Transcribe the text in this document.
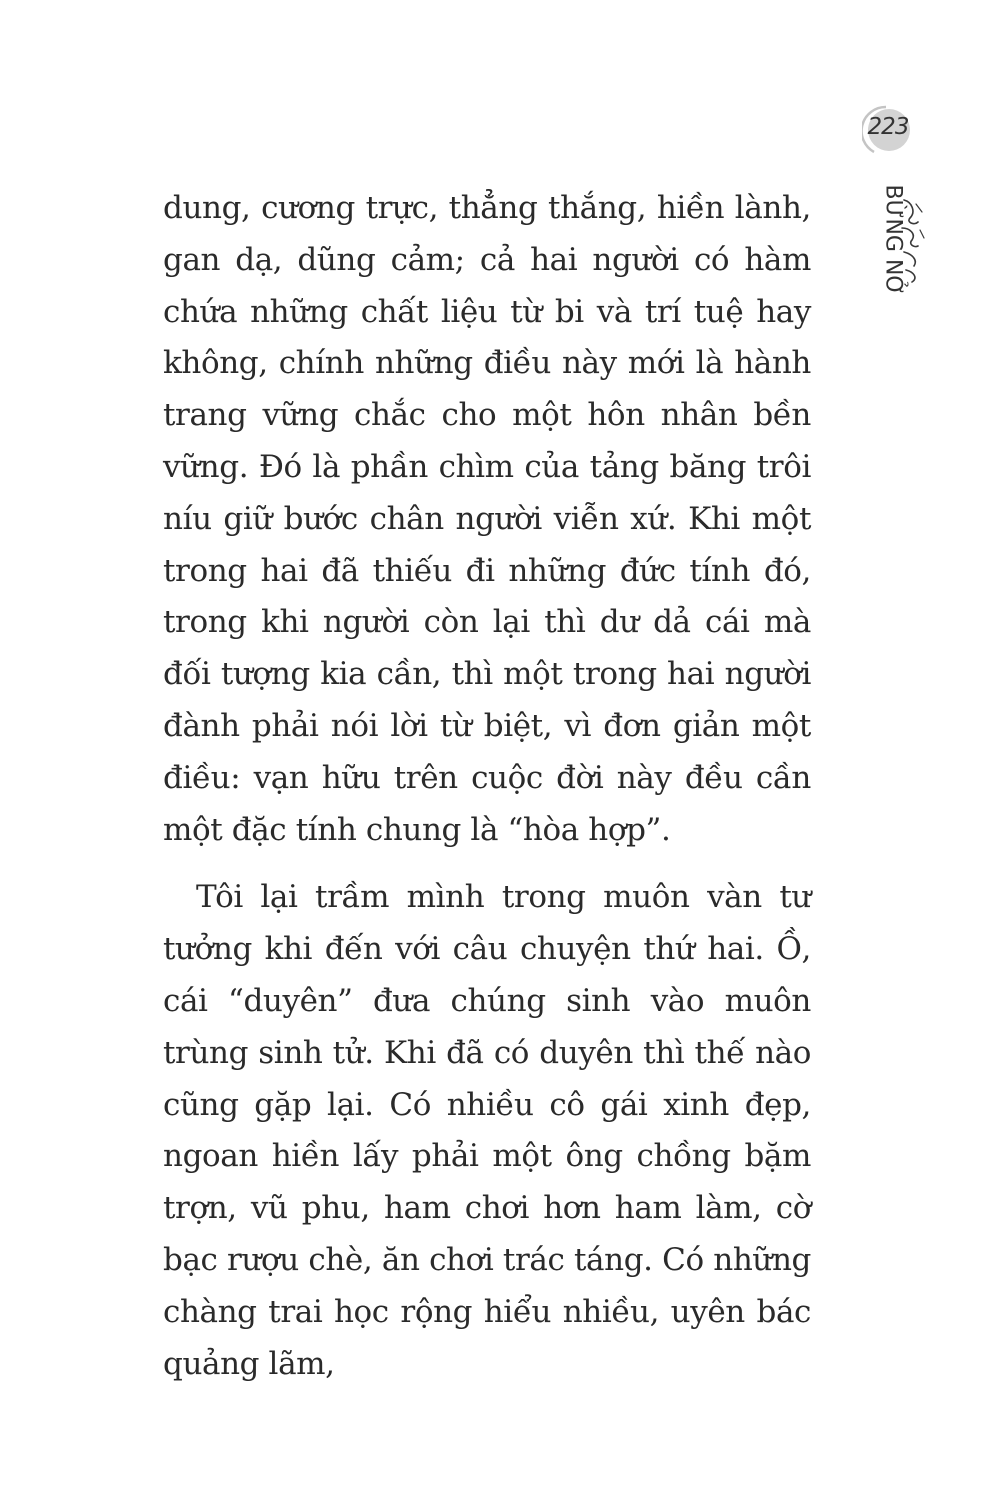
223
BỪNG NỞ

dung, cương trực, thẳng thắng, hiền lành, gan dạ, dũng cảm; cả hai người có hàm chứa những chất liệu từ bi và trí tuệ hay không, chính những điều này mới là hành trang vững chắc cho một hôn nhân bền vững. Đó là phần chìm của tảng băng trôi níu giữ bước chân người viễn xứ. Khi một trong hai đã thiếu đi những đức tính đó, trong khi người còn lại thì dư dả cái mà đối tượng kia cần, thì một trong hai người đành phải nói lời từ biệt, vì đơn giản một điều: vạn hữu trên cuộc đời này đều cần một đặc tính chung là “hòa hợp”.

Tôi lại trầm mình trong muôn vàn tư tưởng khi đến với câu chuyện thứ hai. Ồ, cái “duyên” đưa chúng sinh vào muôn trùng sinh tử. Khi đã có duyên thì thế nào cũng gặp lại. Có nhiều cô gái xinh đẹp, ngoan hiền lấy phải một ông chồng bặm trợn, vũ phu, ham chơi hơn ham làm, cờ bạc rượu chè, ăn chơi trác táng. Có những chàng trai học rộng hiểu nhiều, uyên bác quảng lãm,
